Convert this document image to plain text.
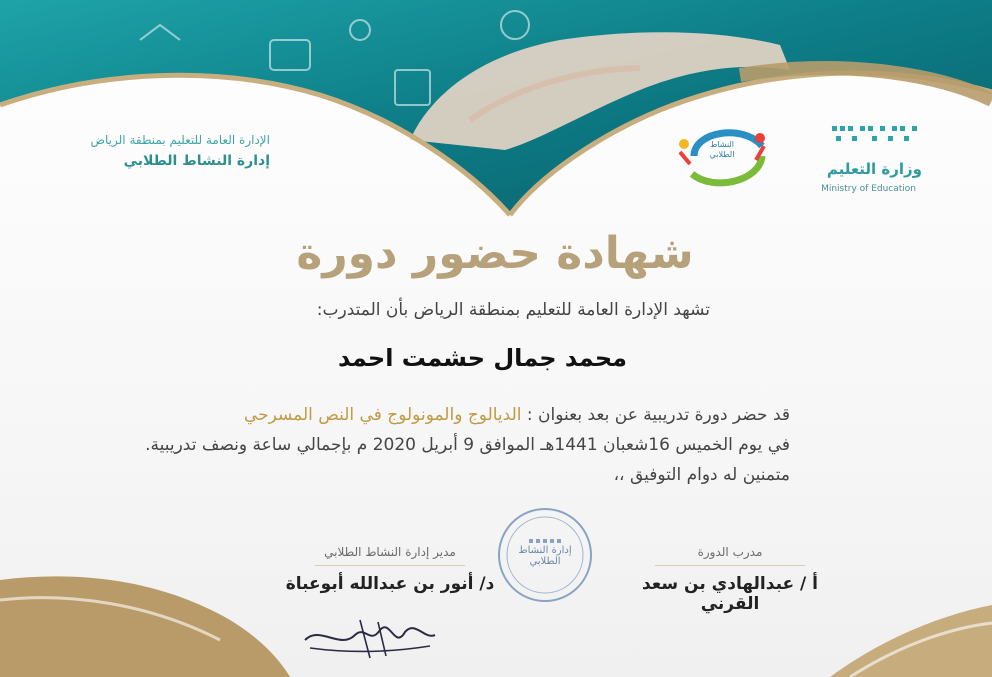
الإدارة العامة للتعليم بمنطقة الرياض
إدارة النشاط الطلابي	وزارة التعليم
Ministry of Education
النشاط الطلابي
شهادة حضور دورة
تشهد الإدارة العامة للتعليم بمنطقة الرياض بأن المتدرب:
محمد جمال حشمت احمد
قد حضر دورة تدريبية عن بعد بعنوان : الديالوج والمونولوج في النص المسرحي
في يوم الخميس 16شعبان 1441هـ الموافق 9 أبريل 2020 م بإجمالي ساعة ونصف تدريبية.
متمنين له دوام التوفيق ،،
مدير إدارة النشاط الطلابي
د/ أنور بن عبدالله أبوعباة
إدارة النشاط الطلابي
مدرب الدورة
أ / عبدالهادي بن سعد القرني
